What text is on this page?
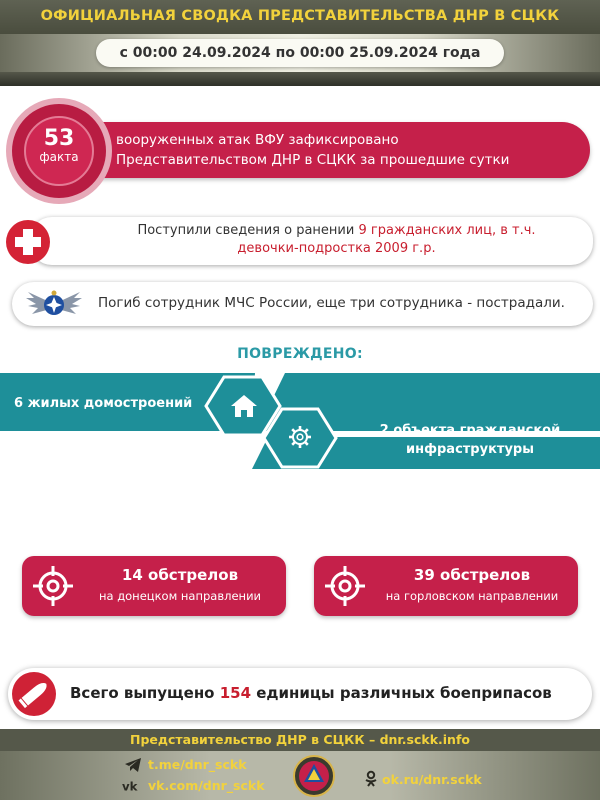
ОФИЦИАЛЬНАЯ СВОДКА ПРЕДСТАВИТЕЛЬСТВА ДНР В СЦКК
с 00:00 24.09.2024 по 00:00 25.09.2024 года
вооруженных атак ВФУ зафиксировано
Представительством ДНР в СЦКК за прошедшие сутки
53
факта
Поступили сведения о ранении 9 гражданских лиц, в т.ч.
девочки-подростка 2009 г.р.
Погиб сотрудник МЧС России, еще три сотрудника - пострадали.
ПОВРЕЖДЕНО:
6 жилых домостроений
2 объекта гражданской
инфраструктуры
14 обстрелов
на донецком направлении
39 обстрелов
на горловском направлении
Всего выпущено 154 единицы различных боеприпасов
Представительство ДНР в СЦКК – dnr.sckk.info
t.me/dnr_sckk
vk vk.com/dnr_sckk	ok.ru/dnr.sckk
